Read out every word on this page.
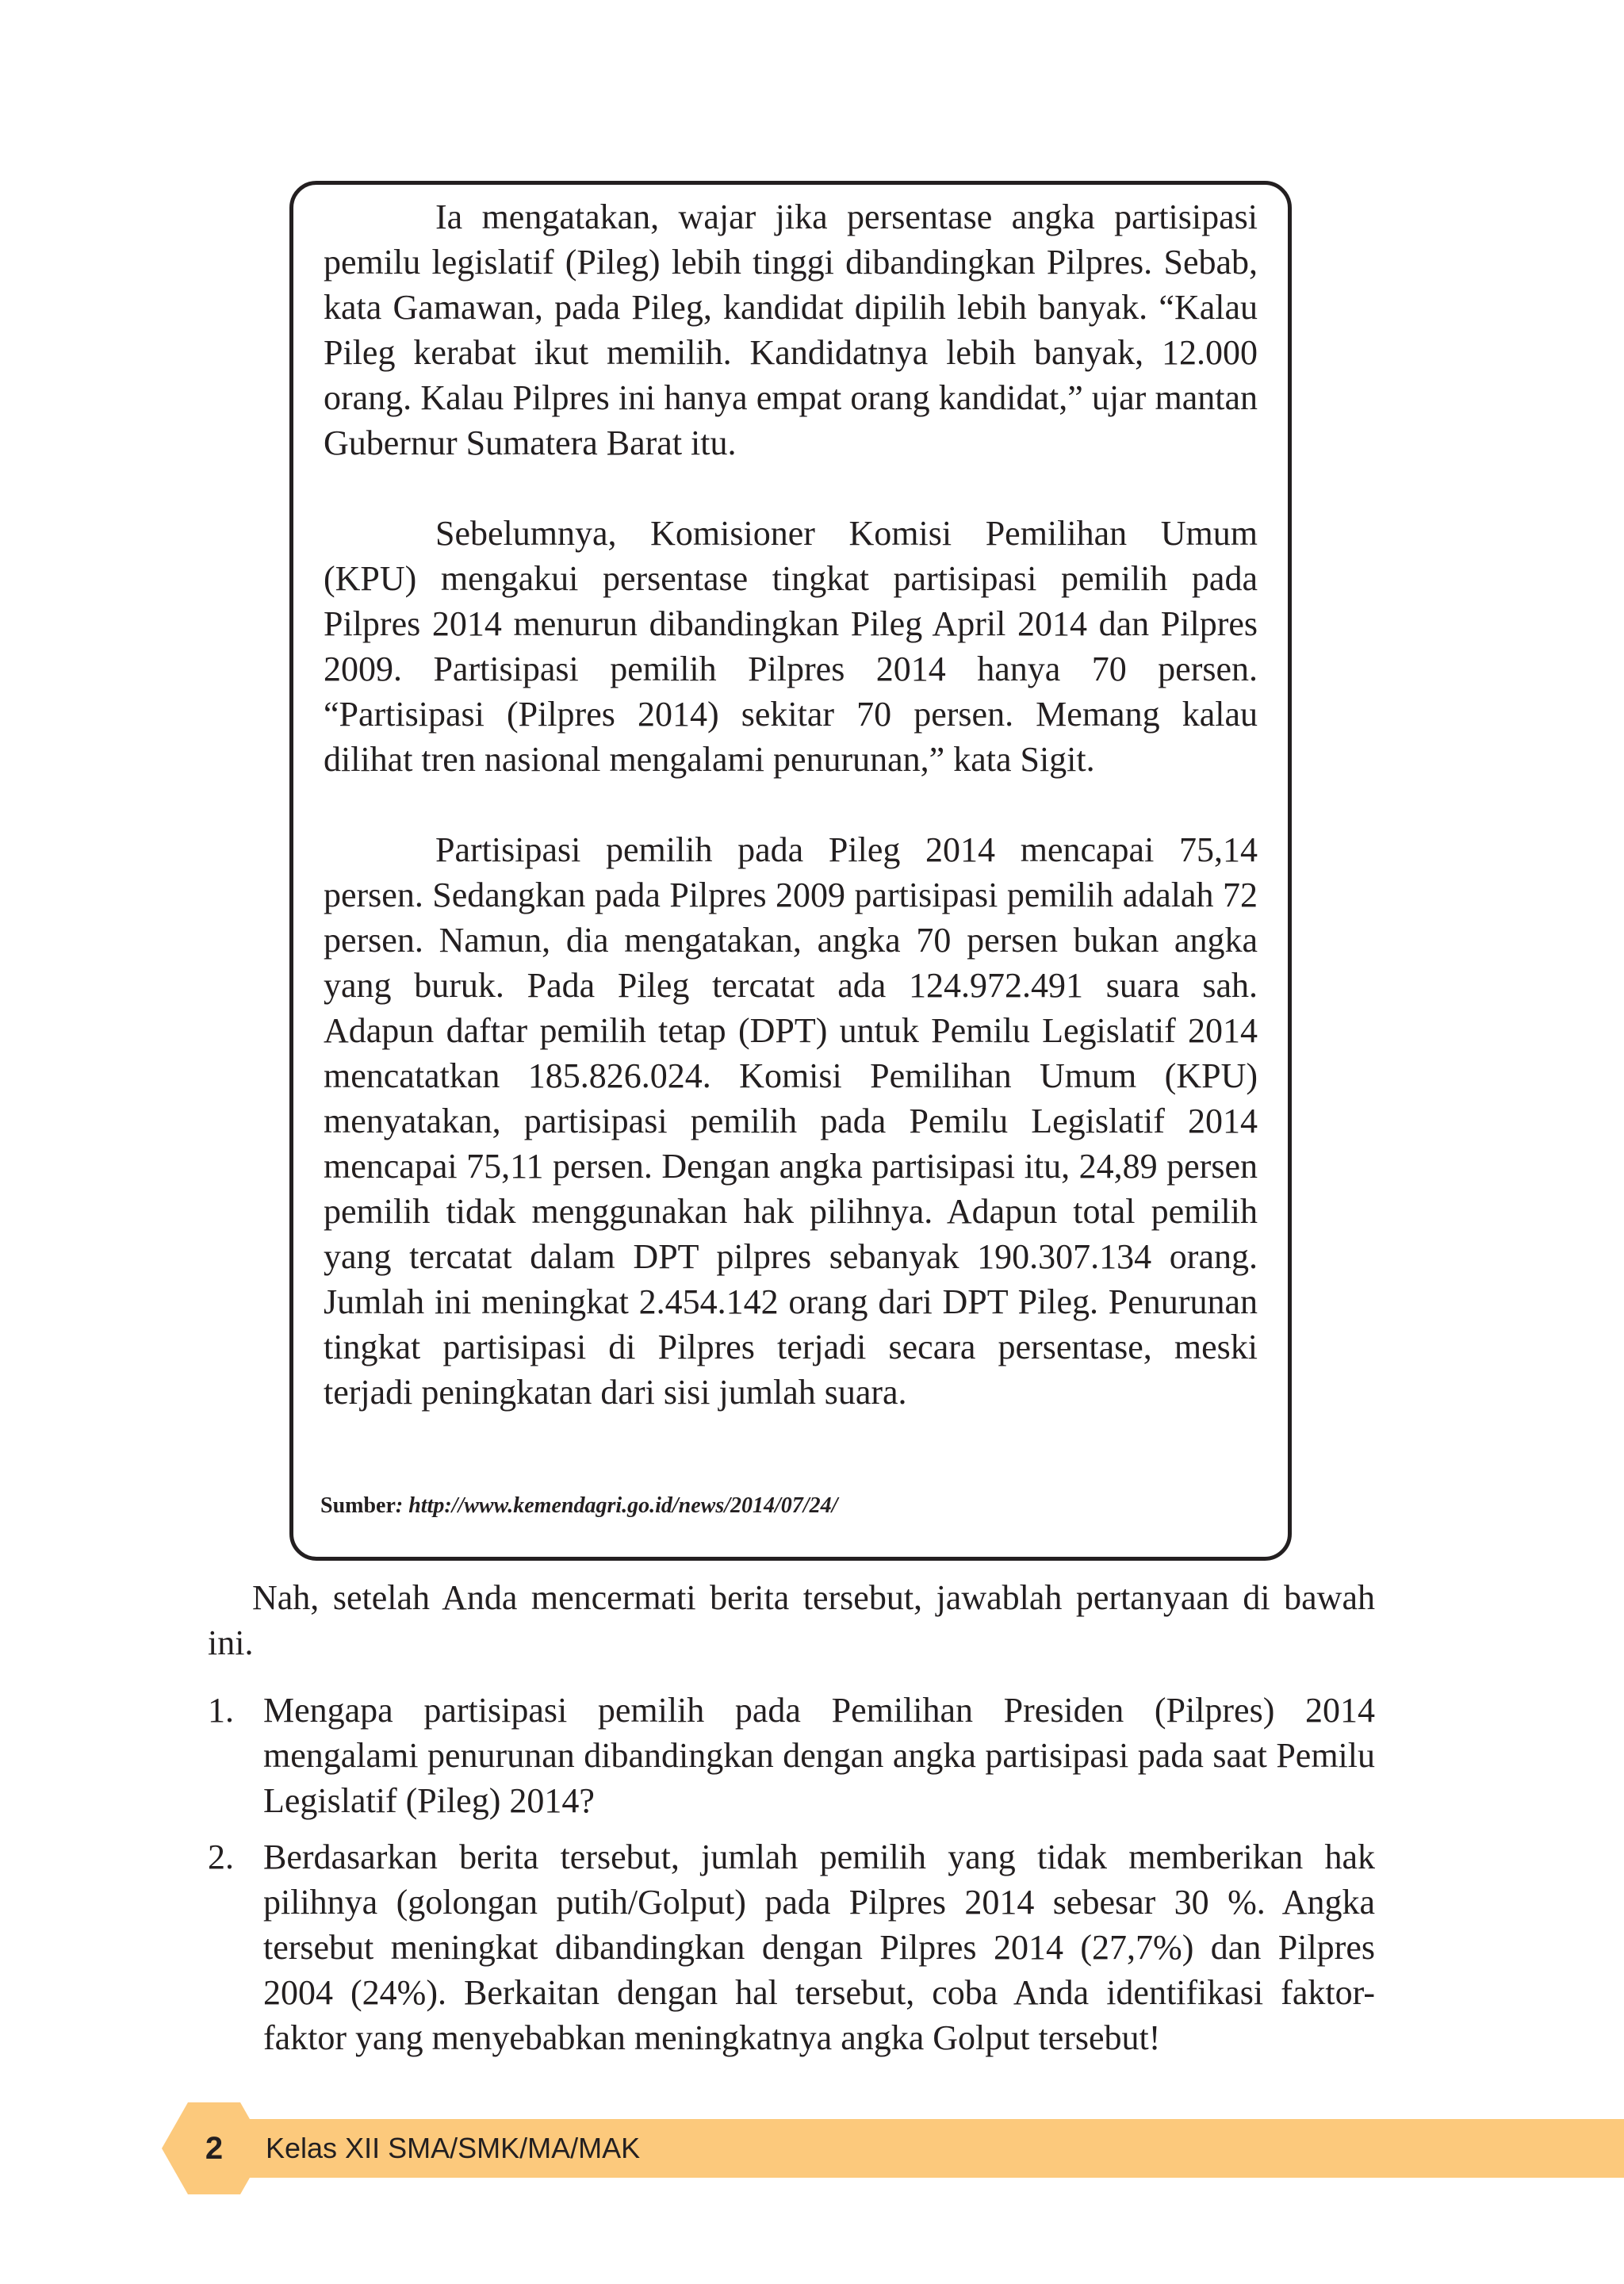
Ia mengatakan, wajar jika persentase angka partisipasi pemilu legislatif (Pileg) lebih tinggi dibandingkan Pilpres. Sebab, kata Gamawan, pada Pileg, kandidat dipilih lebih banyak. “Kalau Pileg kerabat ikut memilih. Kandidatnya lebih banyak, 12.000 orang. Kalau Pilpres ini hanya empat orang kandidat,” ujar mantan Gubernur Sumatera Barat itu.

Sebelumnya, Komisioner Komisi Pemilihan Umum (KPU) mengakui persentase tingkat partisipasi pemilih pada Pilpres 2014 menurun dibandingkan Pileg April 2014 dan Pilpres 2009. Partisipasi pemilih Pilpres 2014 hanya 70 persen. “Partisipasi (Pilpres 2014) sekitar 70 persen. Memang kalau dilihat tren nasional mengalami penurunan,” kata Sigit.

Partisipasi pemilih pada Pileg 2014 mencapai 75,14 persen. Sedangkan pada Pilpres 2009 partisipasi pemilih adalah 72 persen. Namun, dia mengatakan, angka 70 persen bukan angka yang buruk. Pada Pileg tercatat ada 124.972.491 suara sah. Adapun daftar pemilih tetap (DPT) untuk Pemilu Legislatif 2014 mencatatkan 185.826.024. Komisi Pemilihan Umum (KPU) menyatakan, partisipasi pemilih pada Pemilu Legislatif 2014 mencapai 75,11 persen. Dengan angka partisipasi itu, 24,89 persen pemilih tidak menggunakan hak pilihnya. Adapun total pemilih yang tercatat dalam DPT pilpres sebanyak 190.307.134 orang. Jumlah ini meningkat 2.454.142 orang dari DPT Pileg. Penurunan tingkat partisipasi di Pilpres terjadi secara persentase, meski terjadi peningkatan dari sisi jumlah suara.

Sumber: http://www.kemendagri.go.id/news/2014/07/24/

Nah, setelah Anda mencermati berita tersebut, jawablah pertanyaan di bawah ini.

1. Mengapa partisipasi pemilih pada Pemilihan Presiden (Pilpres) 2014 mengalami penurunan dibandingkan dengan angka partisipasi pada saat Pemilu Legislatif (Pileg) 2014?
2. Berdasarkan berita tersebut, jumlah pemilih yang tidak memberikan hak pilihnya (golongan putih/Golput) pada Pilpres 2014 sebesar 30 %. Angka tersebut meningkat dibandingkan dengan Pilpres 2014 (27,7%) dan Pilpres 2004 (24%). Berkaitan dengan hal tersebut, coba Anda identifikasi faktor-faktor yang menyebabkan meningkatnya angka Golput tersebut!
2	Kelas XII SMA/SMK/MA/MAK
